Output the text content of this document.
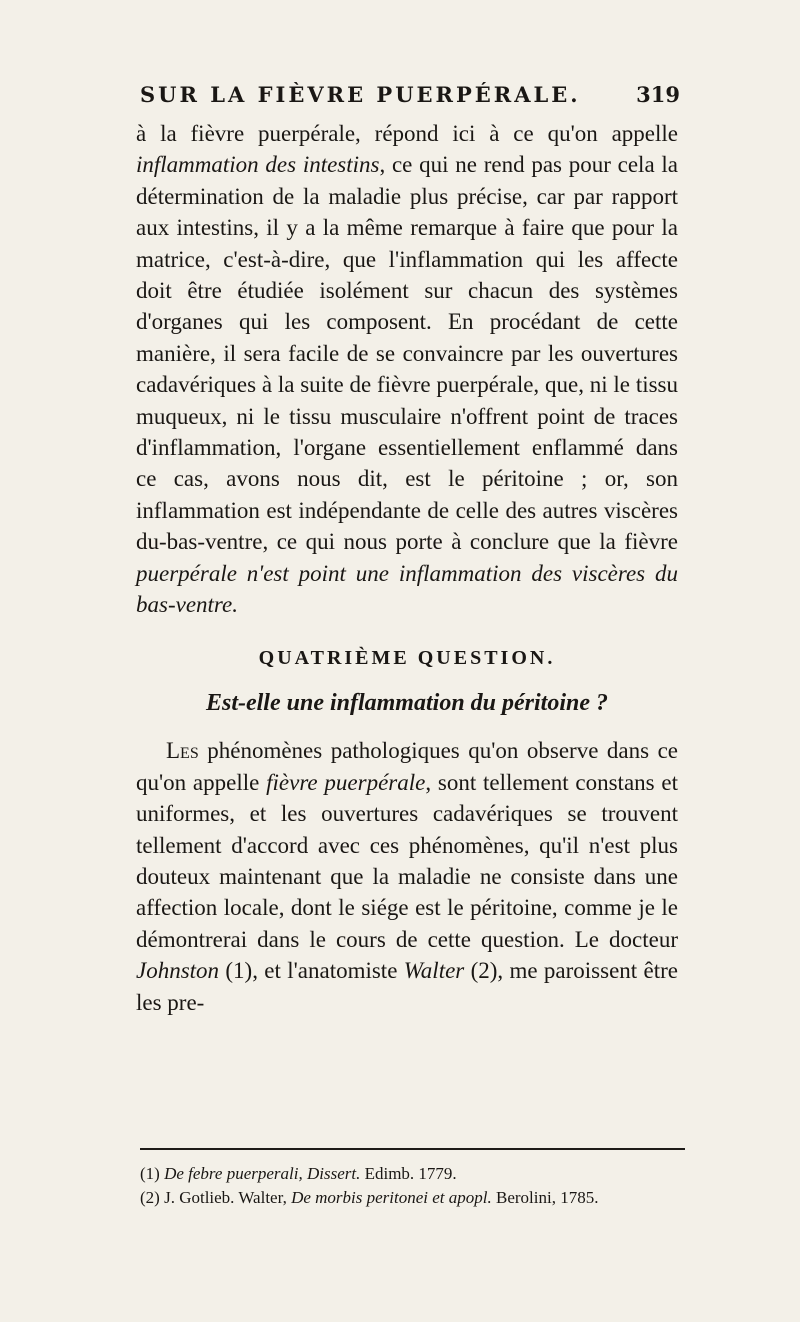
SUR LA FIÈVRE PUERPÉRALE.	319

à la fièvre puerpérale, répond ici à ce qu'on appelle inflammation des intestins, ce qui ne rend pas pour cela la détermination de la maladie plus précise, car par rapport aux intestins, il y a la même remarque à faire que pour la matrice, c'est-à-dire, que l'inflammation qui les affecte doit être étudiée isolément sur chacun des systèmes d'organes qui les composent. En procédant de cette manière, il sera facile de se convaincre par les ouvertures cadavériques à la suite de fièvre puerpérale, que, ni le tissu muqueux, ni le tissu musculaire n'offrent point de traces d'inflammation, l'organe essentiellement enflammé dans ce cas, avons nous dit, est le péritoine ; or, son inflammation est indépendante de celle des autres viscères du-bas-ventre, ce qui nous porte à conclure que la fièvre puerpérale n'est point une inflammation des viscères du bas-ventre.

QUATRIÈME QUESTION.
Est-elle une inflammation du péritoine ?

Les phénomènes pathologiques qu'on observe dans ce qu'on appelle fièvre puerpérale, sont tellement constans et uniformes, et les ouvertures cadavériques se trouvent tellement d'accord avec ces phénomènes, qu'il n'est plus douteux maintenant que la maladie ne consiste dans une affection locale, dont le siége est le péritoine, comme je le démontrerai dans le cours de cette question. Le docteur Johnston (1), et l'anatomiste Walter (2), me paroissent être les pre-

(1) De febre puerperali, Dissert. Edimb. 1779.

(2) J. Gotlieb. Walter, De morbis peritonei et apopl. Berolini, 1785.
